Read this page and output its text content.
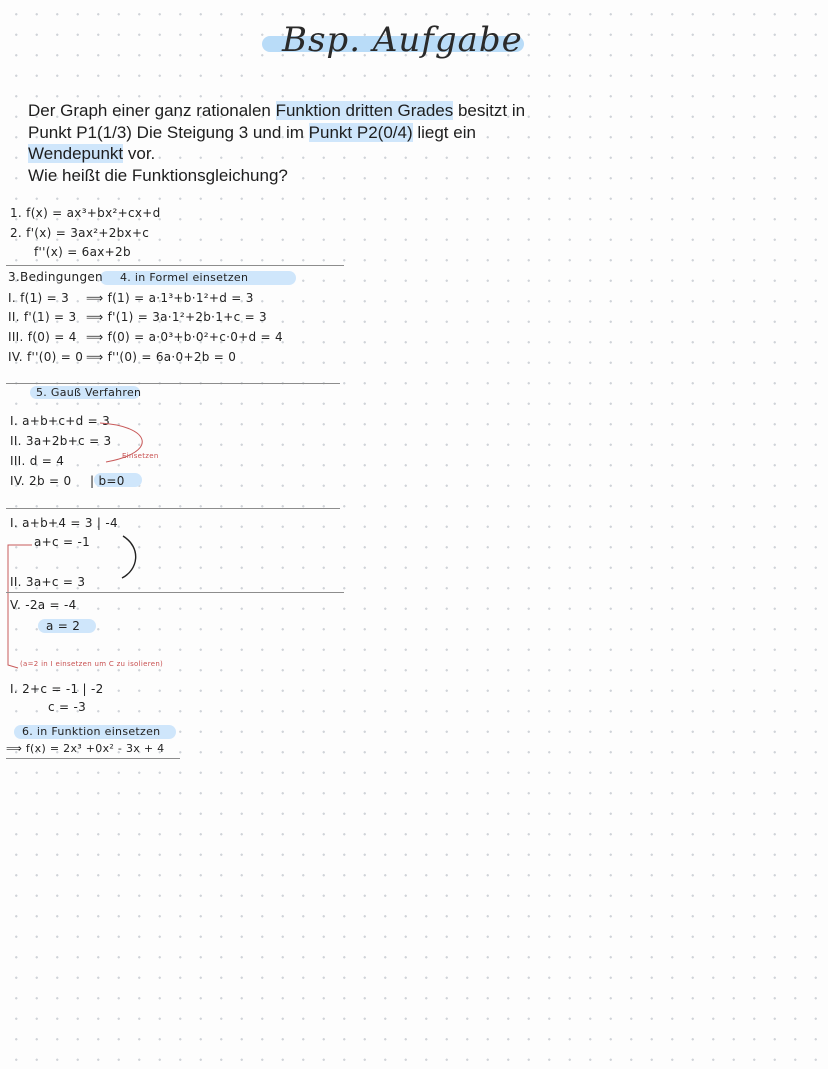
Bsp. Aufgabe
Der Graph einer ganz rationalen Funktion dritten Grades besitzt in
Punkt P1(1/3) Die Steigung 3 und im Punkt P2(0/4) liegt ein
Wendepunkt vor.
Wie heißt die Funktionsgleichung?
1. f(x) = ax³+bx²+cx+d
2. f'(x) = 3ax²+2bx+c
f''(x) = 6ax+2b
3.Bedingungen 4. in Formel einsetzen
I. f(1) = 3 ⟹ f(1) = a·1³+b·1²+d = 3
II. f'(1) = 3 ⟹ f'(1) = 3a·1²+2b·1+c = 3
III. f(0) = 4 ⟹ f(0) = a·0³+b·0²+c·0+d = 4
IV. f''(0) = 0 ⟹ f''(0) = 6a·0+2b = 0
5. Gauß Verfahren
I. a+b+c+d = 3
II. 3a+2b+c = 3
III. d = 4
IV. 2b = 0 | b=0
Einsetzen
I. a+b+4 = 3 | -4
a+c = -1
II. 3a+c = 3
V. -2a = -4
a = 2
(a=2 in I einsetzen um C zu isolieren)
I. 2+c = -1 | -2
c = -3
6. in Funktion einsetzen
⟹ f(x) = 2x³ +0x² - 3x + 4
